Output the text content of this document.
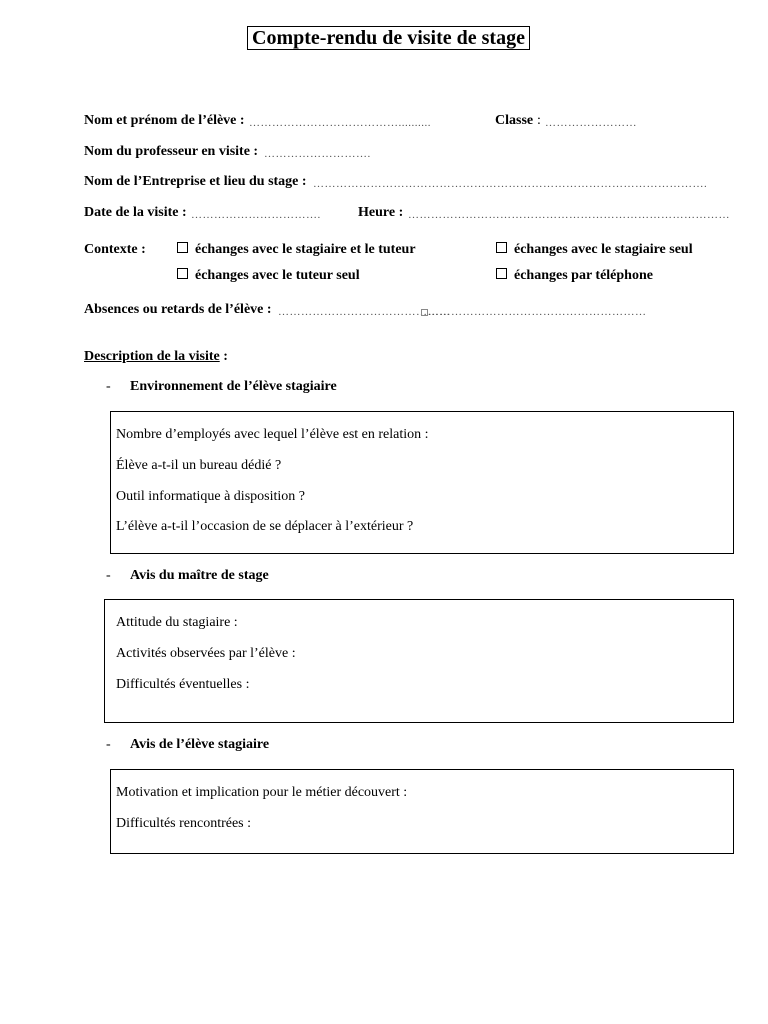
Compte-rendu de visite de stage
Nom et prénom de l’élève : …………………………………..........	Classe : ……………………
Nom du professeur en visite : ……………………….
Nom de l’Entreprise et lieu du stage : ………………………………………………………………………………………….
Date de la visite : …………………………….	Heure : …………………………………………………………………………
Contexte :	échanges avec le stagiaire et le tuteur	échanges avec le stagiaire seul
échanges avec le tuteur seul	échanges par téléphone
Absences ou retards de l’élève : ………………………………………
…………………………………………………
Description de la visite :
- Environnement de l’élève stagiaire
Nombre d’employés avec lequel l’élève est en relation :
Élève a-t-il un bureau dédié ?
Outil informatique à disposition ?
L’élève a-t-il l’occasion de se déplacer à l’extérieur ?
- Avis du maître de stage
Attitude du stagiaire :
Activités observées par l’élève :
Difficultés éventuelles :
- Avis de l’élève stagiaire
Motivation et implication pour le métier découvert :
Difficultés rencontrées :
